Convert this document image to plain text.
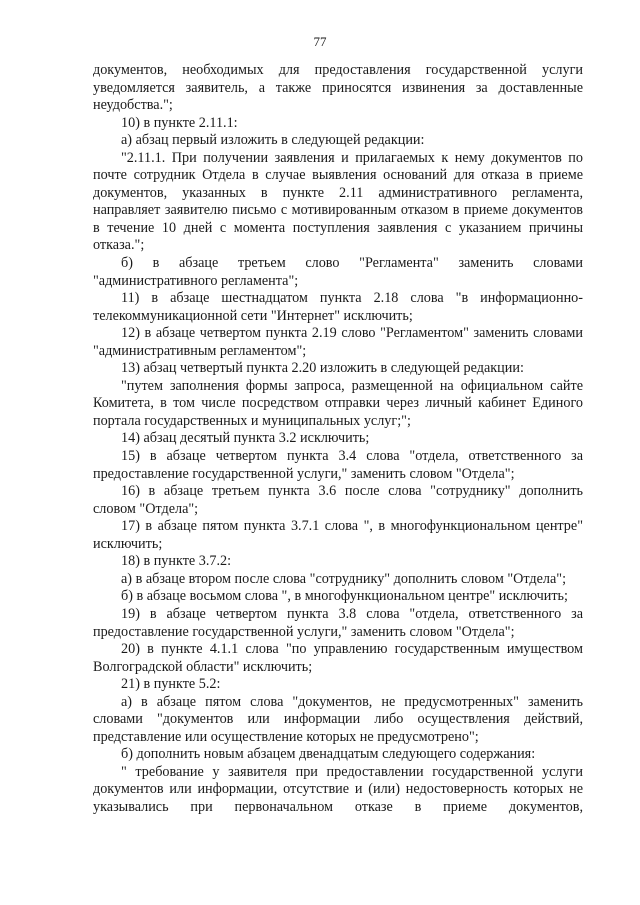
77

документов, необходимых для предоставления государственной услуги уведомляется заявитель, а также приносятся извинения за доставленные неудобства.";

10) в пункте 2.11.1:

а) абзац первый изложить в следующей редакции:

"2.11.1. При получении заявления и прилагаемых к нему документов по почте сотрудник Отдела в случае выявления оснований для отказа в приеме документов, указанных в пункте 2.11 административного регламента, направляет заявителю письмо с мотивированным отказом в приеме документов в течение 10 дней с момента поступления заявления с указанием причины отказа.";

б) в абзаце третьем слово "Регламента" заменить словами "административного регламента";

11) в абзаце шестнадцатом пункта 2.18 слова "в информационно-телекоммуникационной сети "Интернет" исключить;

12) в абзаце четвертом пункта 2.19 слово "Регламентом" заменить словами "административным регламентом";

13) абзац четвертый пункта 2.20 изложить в следующей редакции:

"путем заполнения формы запроса, размещенной на официальном сайте Комитета, в том числе посредством отправки через личный кабинет Единого портала государственных и муниципальных услуг;";

14) абзац десятый пункта 3.2 исключить;

15) в абзаце четвертом пункта 3.4 слова "отдела, ответственного за предоставление государственной услуги," заменить словом "Отдела";

16) в абзаце третьем пункта 3.6 после слова "сотруднику" дополнить словом "Отдела";

17) в абзаце пятом пункта 3.7.1 слова ", в многофункциональном центре" исключить;

18) в пункте 3.7.2:

а) в абзаце втором после слова "сотруднику" дополнить словом "Отдела";

б) в абзаце восьмом слова ", в многофункциональном центре" исключить;

19) в абзаце четвертом пункта 3.8 слова "отдела, ответственного за предоставление государственной услуги," заменить словом "Отдела";

20) в пункте 4.1.1 слова "по управлению государственным имуществом Волгоградской области" исключить;

21) в пункте 5.2:

а) в абзаце пятом слова "документов, не предусмотренных" заменить словами "документов или информации либо осуществления действий, представление или осуществление которых не предусмотрено";

б) дополнить новым абзацем двенадцатым следующего содержания:

" требование у заявителя при предоставлении государственной услуги документов или информации, отсутствие и (или) недостоверность которых не указывались при первоначальном отказе в приеме документов,
